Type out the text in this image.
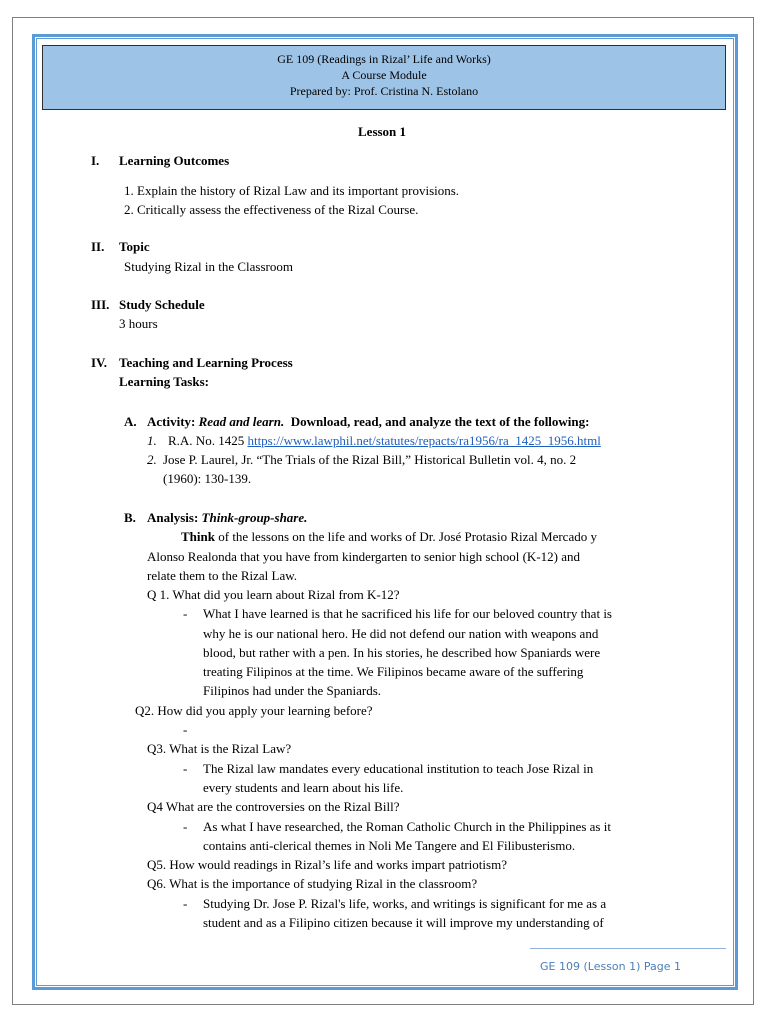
GE 109 (Readings in Rizal’ Life and Works)
A Course Module
Prepared by: Prof. Cristina N. Estolano
Lesson 1
I. Learning Outcomes
1. Explain the history of Rizal Law and its important provisions.
2. Critically assess the effectiveness of the Rizal Course.
II. Topic
Studying Rizal in the Classroom
III. Study Schedule
3 hours
IV. Teaching and Learning Process
Learning Tasks:
A. Activity: Read and learn. Download, read, and analyze the text of the following:
1. R.A. No. 1425 https://www.lawphil.net/statutes/repacts/ra1956/ra_1425_1956.html
2. Jose P. Laurel, Jr. “The Trials of the Rizal Bill,” Historical Bulletin vol. 4, no. 2
(1960): 130-139.
B. Analysis: Think-group-share.
Think of the lessons on the life and works of Dr. José Protasio Rizal Mercado y
Alonso Realonda that you have from kindergarten to senior high school (K-12) and
relate them to the Rizal Law.
Q 1. What did you learn about Rizal from K-12?
- What I have learned is that he sacrificed his life for our beloved country that is
why he is our national hero. He did not defend our nation with weapons and
blood, but rather with a pen. In his stories, he described how Spaniards were
treating Filipinos at the time. We Filipinos became aware of the suffering
Filipinos had under the Spaniards.
Q2. How did you apply your learning before?
-
Q3. What is the Rizal Law?
- The Rizal law mandates every educational institution to teach Jose Rizal in
every students and learn about his life.
Q4 What are the controversies on the Rizal Bill?
- As what I have researched, the Roman Catholic Church in the Philippines as it
contains anti-clerical themes in Noli Me Tangere and El Filibusterismo.
Q5. How would readings in Rizal’s life and works impart patriotism?
Q6. What is the importance of studying Rizal in the classroom?
- Studying Dr. Jose P. Rizal's life, works, and writings is significant for me as a
student and as a Filipino citizen because it will improve my understanding of
GE 109 (Lesson 1) Page 1
